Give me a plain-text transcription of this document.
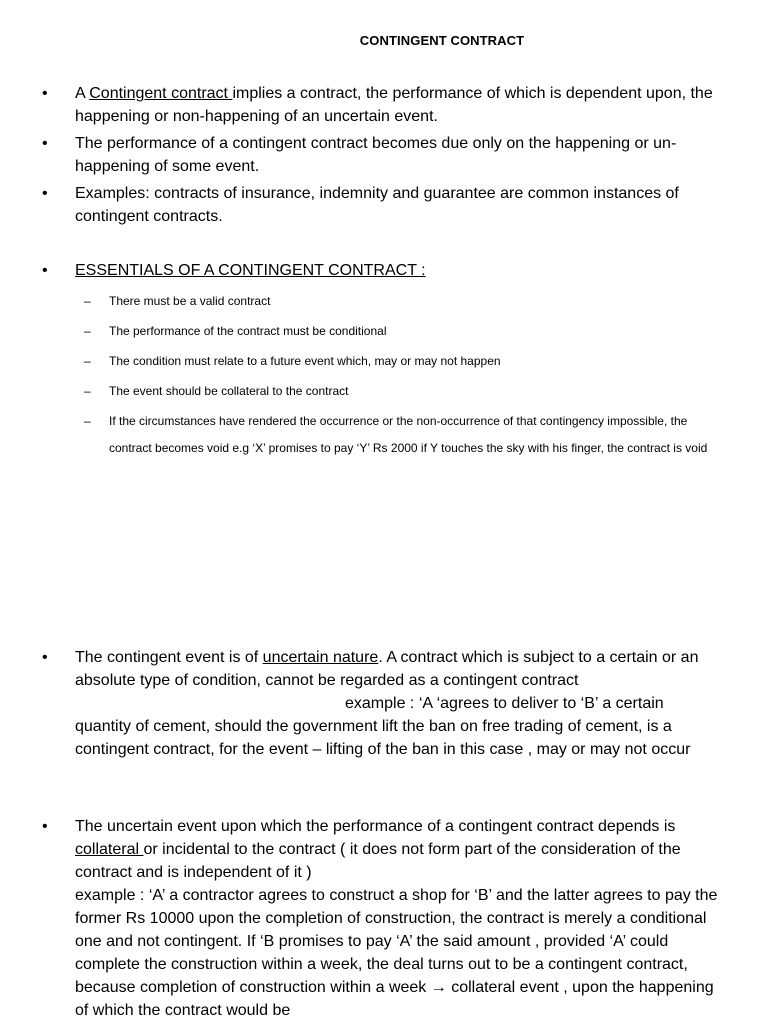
CONTINGENT CONTRACT
• A Contingent contract implies a contract, the performance of which is dependent upon, the happening or non-happening of an uncertain event.
• The performance of a contingent contract becomes due only on the happening or un-happening of some event.
• Examples: contracts of insurance, indemnity and guarantee are common instances of contingent contracts.
• ESSENTIALS OF A CONTINGENT CONTRACT :
– There must be a valid contract
– The performance of the contract must be conditional
– The condition must relate to a future event which, may or may not happen
– The event should be collateral to the contract
– If the circumstances have rendered the occurrence or the non-occurrence of that contingency impossible, the contract becomes void e.g ‘X’ promises to pay ‘Y’ Rs 2000 if Y touches the sky with his finger, the contract is void
• The contingent event is of uncertain nature. A contract which is subject to a certain or an absolute type of condition, cannot be regarded as a contingent contract
example : ‘A ‘agrees to deliver to ‘B’ a certain
quantity of cement, should the government lift the ban on free trading of cement, is a contingent contract, for the event – lifting of the ban in this case , may or may not occur
• The uncertain event upon which the performance of a contingent contract depends is collateral or incidental to the contract ( it does not form part of the consideration of the contract and is independent of it )
example : ‘A’ a contractor agrees to construct a shop for ‘B’ and the latter agrees to pay the former Rs 10000 upon the completion of construction, the contract is merely a conditional one and not contingent. If ‘B promises to pay ‘A’ the said amount , provided ‘A’ could complete the construction within a week, the deal turns out to be a contingent contract, because completion of construction within a week → collateral event , upon the happening of which the contract would be
